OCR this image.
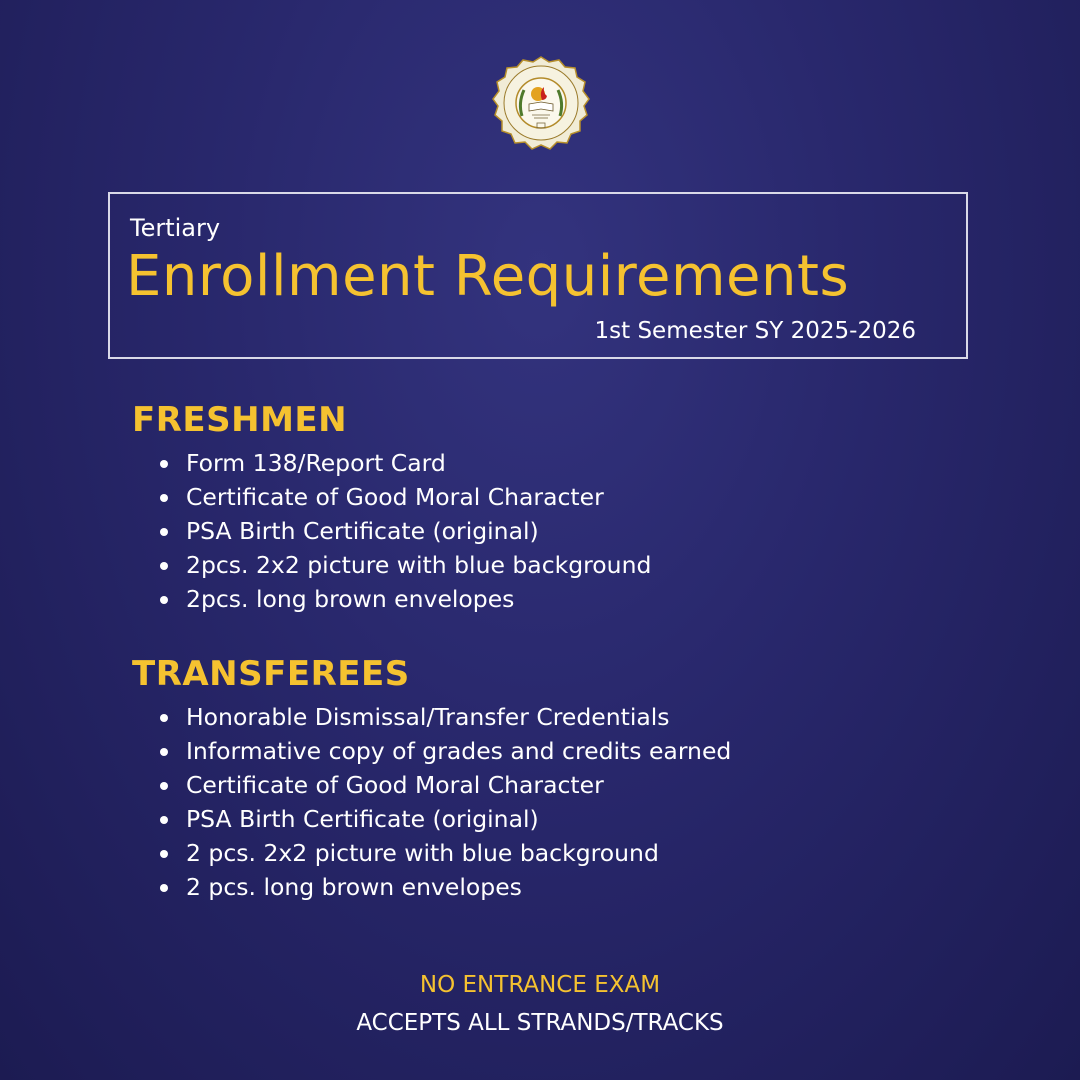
Tertiary
Enrollment Requirements
1st Semester SY 2025-2026
FRESHMEN
Form 138/Report Card
Certificate of Good Moral Character
PSA Birth Certificate (original)
2pcs. 2x2 picture with blue background
2pcs. long brown envelopes
TRANSFEREES
Honorable Dismissal/Transfer Credentials
Informative copy of grades and credits earned
Certificate of Good Moral Character
PSA Birth Certificate (original)
2 pcs. 2x2 picture with blue background
2 pcs. long brown envelopes
NO ENTRANCE EXAM
ACCEPTS ALL STRANDS/TRACKS
